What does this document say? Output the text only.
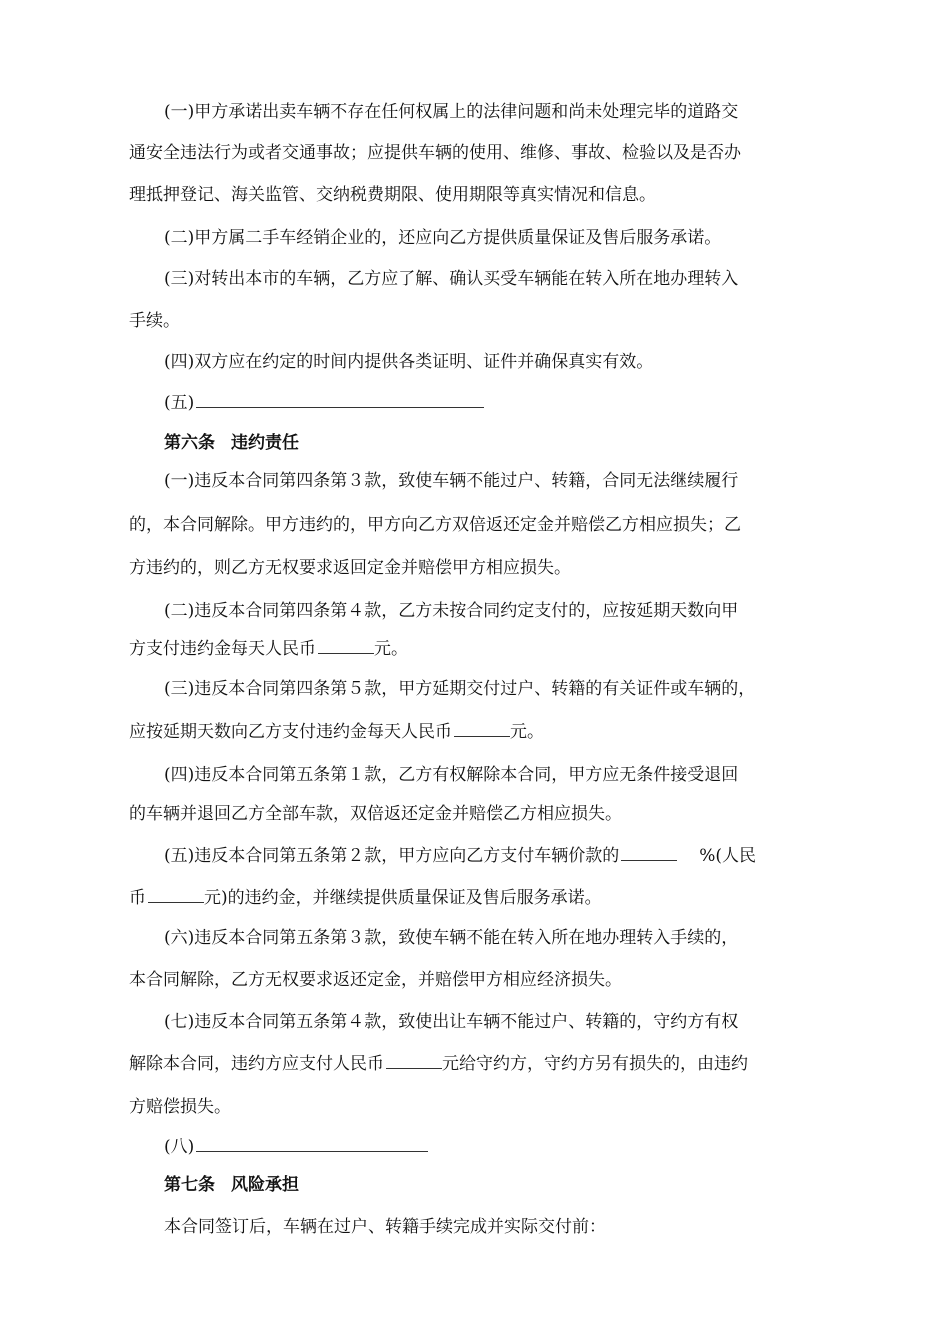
(一)甲方承诺出卖车辆不存在任何权属上的法律问题和尚未处理完毕的道路交
通安全违法行为或者交通事故；应提供车辆的使用、维修、事故、检验以及是否办
理抵押登记、海关监管、交纳税费期限、使用期限等真实情况和信息。
(二)甲方属二手车经销企业的，还应向乙方提供质量保证及售后服务承诺。
(三)对转出本市的车辆，乙方应了解、确认买受车辆能在转入所在地办理转入
手续。
(四)双方应在约定的时间内提供各类证明、证件并确保真实有效。
(五)
第六条 违约责任
(一)违反本合同第四条第３款，致使车辆不能过户、转籍，合同无法继续履行
的，本合同解除。甲方违约的，甲方向乙方双倍返还定金并赔偿乙方相应损失；乙
方违约的，则乙方无权要求返回定金并赔偿甲方相应损失。
(二)违反本合同第四条第４款，乙方未按合同约定支付的，应按延期天数向甲
方支付违约金每天人民币	元。
(三)违反本合同第四条第５款，甲方延期交付过户、转籍的有关证件或车辆的，
应按延期天数向乙方支付违约金每天人民币	元。
(四)违反本合同第五条第１款，乙方有权解除本合同，甲方应无条件接受退回
的车辆并退回乙方全部车款，双倍返还定金并赔偿乙方相应损失。
(五)违反本合同第五条第２款，甲方应向乙方支付车辆价款的	%(人民
币	元)的违约金，并继续提供质量保证及售后服务承诺。
(六)违反本合同第五条第３款，致使车辆不能在转入所在地办理转入手续的，
本合同解除，乙方无权要求返还定金，并赔偿甲方相应经济损失。
(七)违反本合同第五条第４款，致使出让车辆不能过户、转籍的，守约方有权
解除本合同，违约方应支付人民币	元给守约方，守约方另有损失的，由违约
方赔偿损失。
(八)
第七条 风险承担
本合同签订后，车辆在过户、转籍手续完成并实际交付前：
